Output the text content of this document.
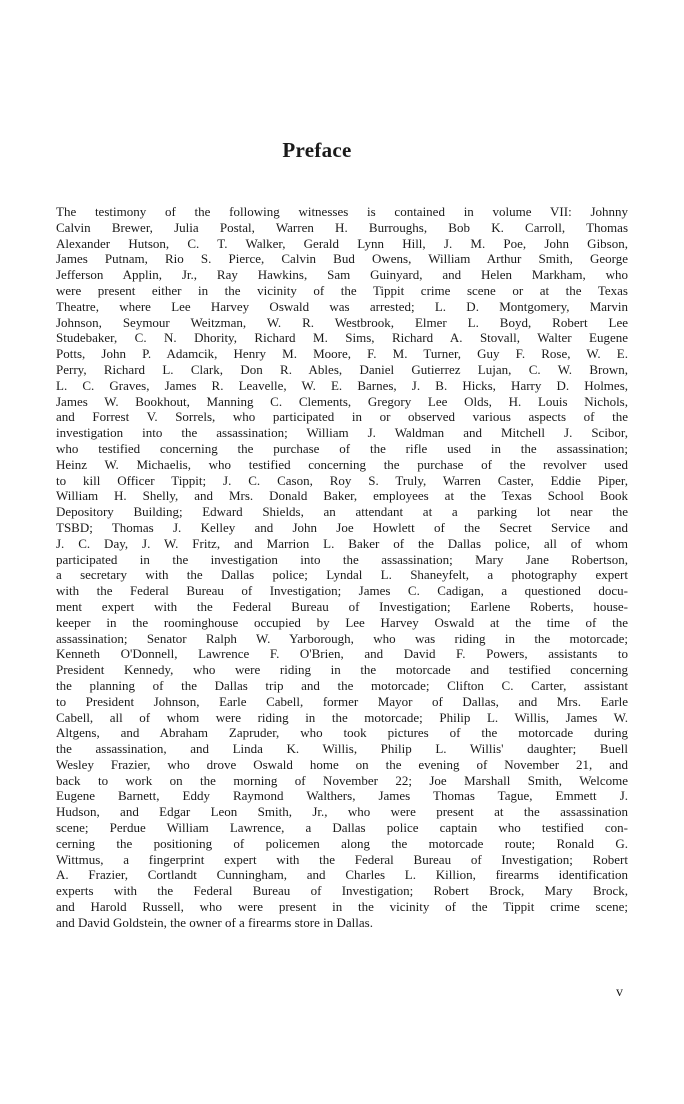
Preface
The testimony of the following witnesses is contained in volume VII: Johnny
Calvin Brewer, Julia Postal, Warren H. Burroughs, Bob K. Carroll, Thomas
Alexander Hutson, C. T. Walker, Gerald Lynn Hill, J. M. Poe, John Gibson,
James Putnam, Rio S. Pierce, Calvin Bud Owens, William Arthur Smith, George
Jefferson Applin, Jr., Ray Hawkins, Sam Guinyard, and Helen Markham, who
were present either in the vicinity of the Tippit crime scene or at the Texas
Theatre, where Lee Harvey Oswald was arrested; L. D. Montgomery, Marvin
Johnson, Seymour Weitzman, W. R. Westbrook, Elmer L. Boyd, Robert Lee
Studebaker, C. N. Dhority, Richard M. Sims, Richard A. Stovall, Walter Eugene
Potts, John P. Adamcik, Henry M. Moore, F. M. Turner, Guy F. Rose, W. E.
Perry, Richard L. Clark, Don R. Ables, Daniel Gutierrez Lujan, C. W. Brown,
L. C. Graves, James R. Leavelle, W. E. Barnes, J. B. Hicks, Harry D. Holmes,
James W. Bookhout, Manning C. Clements, Gregory Lee Olds, H. Louis Nichols,
and Forrest V. Sorrels, who participated in or observed various aspects of the
investigation into the assassination; William J. Waldman and Mitchell J. Scibor,
who testified concerning the purchase of the rifle used in the assassination;
Heinz W. Michaelis, who testified concerning the purchase of the revolver used
to kill Officer Tippit; J. C. Cason, Roy S. Truly, Warren Caster, Eddie Piper,
William H. Shelly, and Mrs. Donald Baker, employees at the Texas School Book
Depository Building; Edward Shields, an attendant at a parking lot near the
TSBD; Thomas J. Kelley and John Joe Howlett of the Secret Service and
J. C. Day, J. W. Fritz, and Marrion L. Baker of the Dallas police, all of whom
participated in the investigation into the assassination; Mary Jane Robertson,
a secretary with the Dallas police; Lyndal L. Shaneyfelt, a photography expert
with the Federal Bureau of Investigation; James C. Cadigan, a questioned docu-
ment expert with the Federal Bureau of Investigation; Earlene Roberts, house-
keeper in the roominghouse occupied by Lee Harvey Oswald at the time of the
assassination; Senator Ralph W. Yarborough, who was riding in the motorcade;
Kenneth O'Donnell, Lawrence F. O'Brien, and David F. Powers, assistants to
President Kennedy, who were riding in the motorcade and testified concerning
the planning of the Dallas trip and the motorcade; Clifton C. Carter, assistant
to President Johnson, Earle Cabell, former Mayor of Dallas, and Mrs. Earle
Cabell, all of whom were riding in the motorcade; Philip L. Willis, James W.
Altgens, and Abraham Zapruder, who took pictures of the motorcade during
the assassination, and Linda K. Willis, Philip L. Willis' daughter; Buell
Wesley Frazier, who drove Oswald home on the evening of November 21, and
back to work on the morning of November 22; Joe Marshall Smith, Welcome
Eugene Barnett, Eddy Raymond Walthers, James Thomas Tague, Emmett J.
Hudson, and Edgar Leon Smith, Jr., who were present at the assassination
scene; Perdue William Lawrence, a Dallas police captain who testified con-
cerning the positioning of policemen along the motorcade route; Ronald G.
Wittmus, a fingerprint expert with the Federal Bureau of Investigation; Robert
A. Frazier, Cortlandt Cunningham, and Charles L. Killion, firearms identification
experts with the Federal Bureau of Investigation; Robert Brock, Mary Brock,
and Harold Russell, who were present in the vicinity of the Tippit crime scene;
and David Goldstein, the owner of a firearms store in Dallas.
v
